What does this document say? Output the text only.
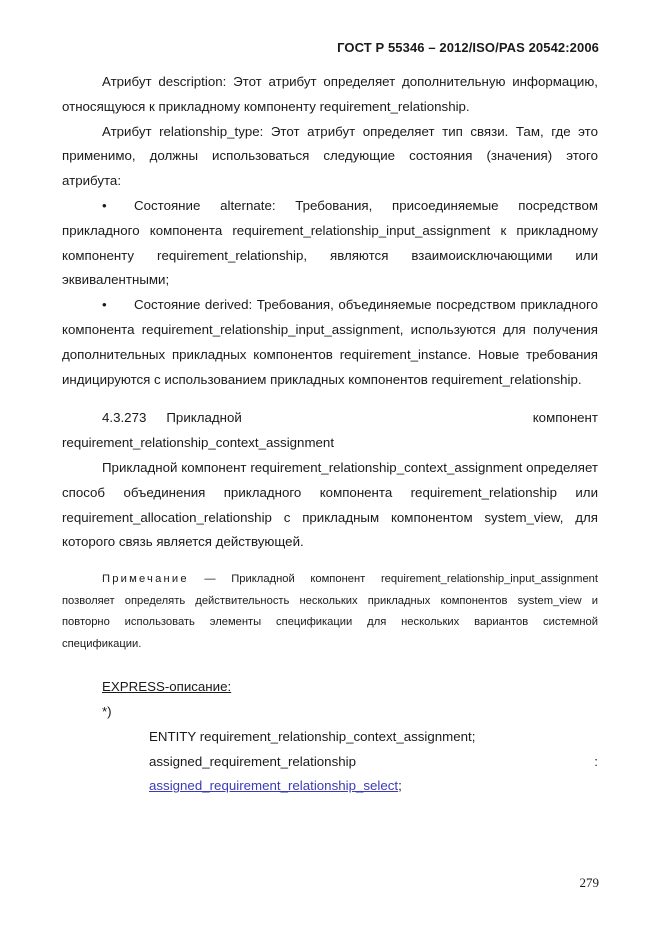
ГОСТ Р 55346 – 2012/ISO/PAS 20542:2006

Атрибут description: Этот атрибут определяет дополнительную информацию, относящуюся к прикладному компоненту requirement_relationship.

Атрибут relationship_type: Этот атрибут определяет тип связи. Там, где это применимо, должны использоваться следующие состояния (значения) этого атрибута:

• Состояние alternate: Требования, присоединяемые посредством прикладного компонента requirement_relationship_input_assignment к прикладному компоненту requirement_relationship, являются взаимоисключающими или эквивалентными;

• Состояние derived: Требования, объединяемые посредством прикладного компонента requirement_relationship_input_assignment, используются для получения дополнительных прикладных компонентов requirement_instance. Новые требования индицируются с использованием прикладных компонентов requirement_relationship.

4.3.273 Прикладной	компонент
requirement_relationship_context_assignment

Прикладной компонент requirement_relationship_context_assignment определяет способ объединения прикладного компонента requirement_relationship или requirement_allocation_relationship с прикладным компонентом system_view, для которого связь является действующей.

Примечание — Прикладной компонент requirement_relationship_input_assignment позволяет определять действительность нескольких прикладных компонентов system_view и повторно использовать элементы спецификации для нескольких вариантов системной спецификации.

EXPRESS-описание:
*)
ENTITY requirement_relationship_context_assignment;
assigned_requirement_relationship	:
assigned_requirement_relationship_select;
279
